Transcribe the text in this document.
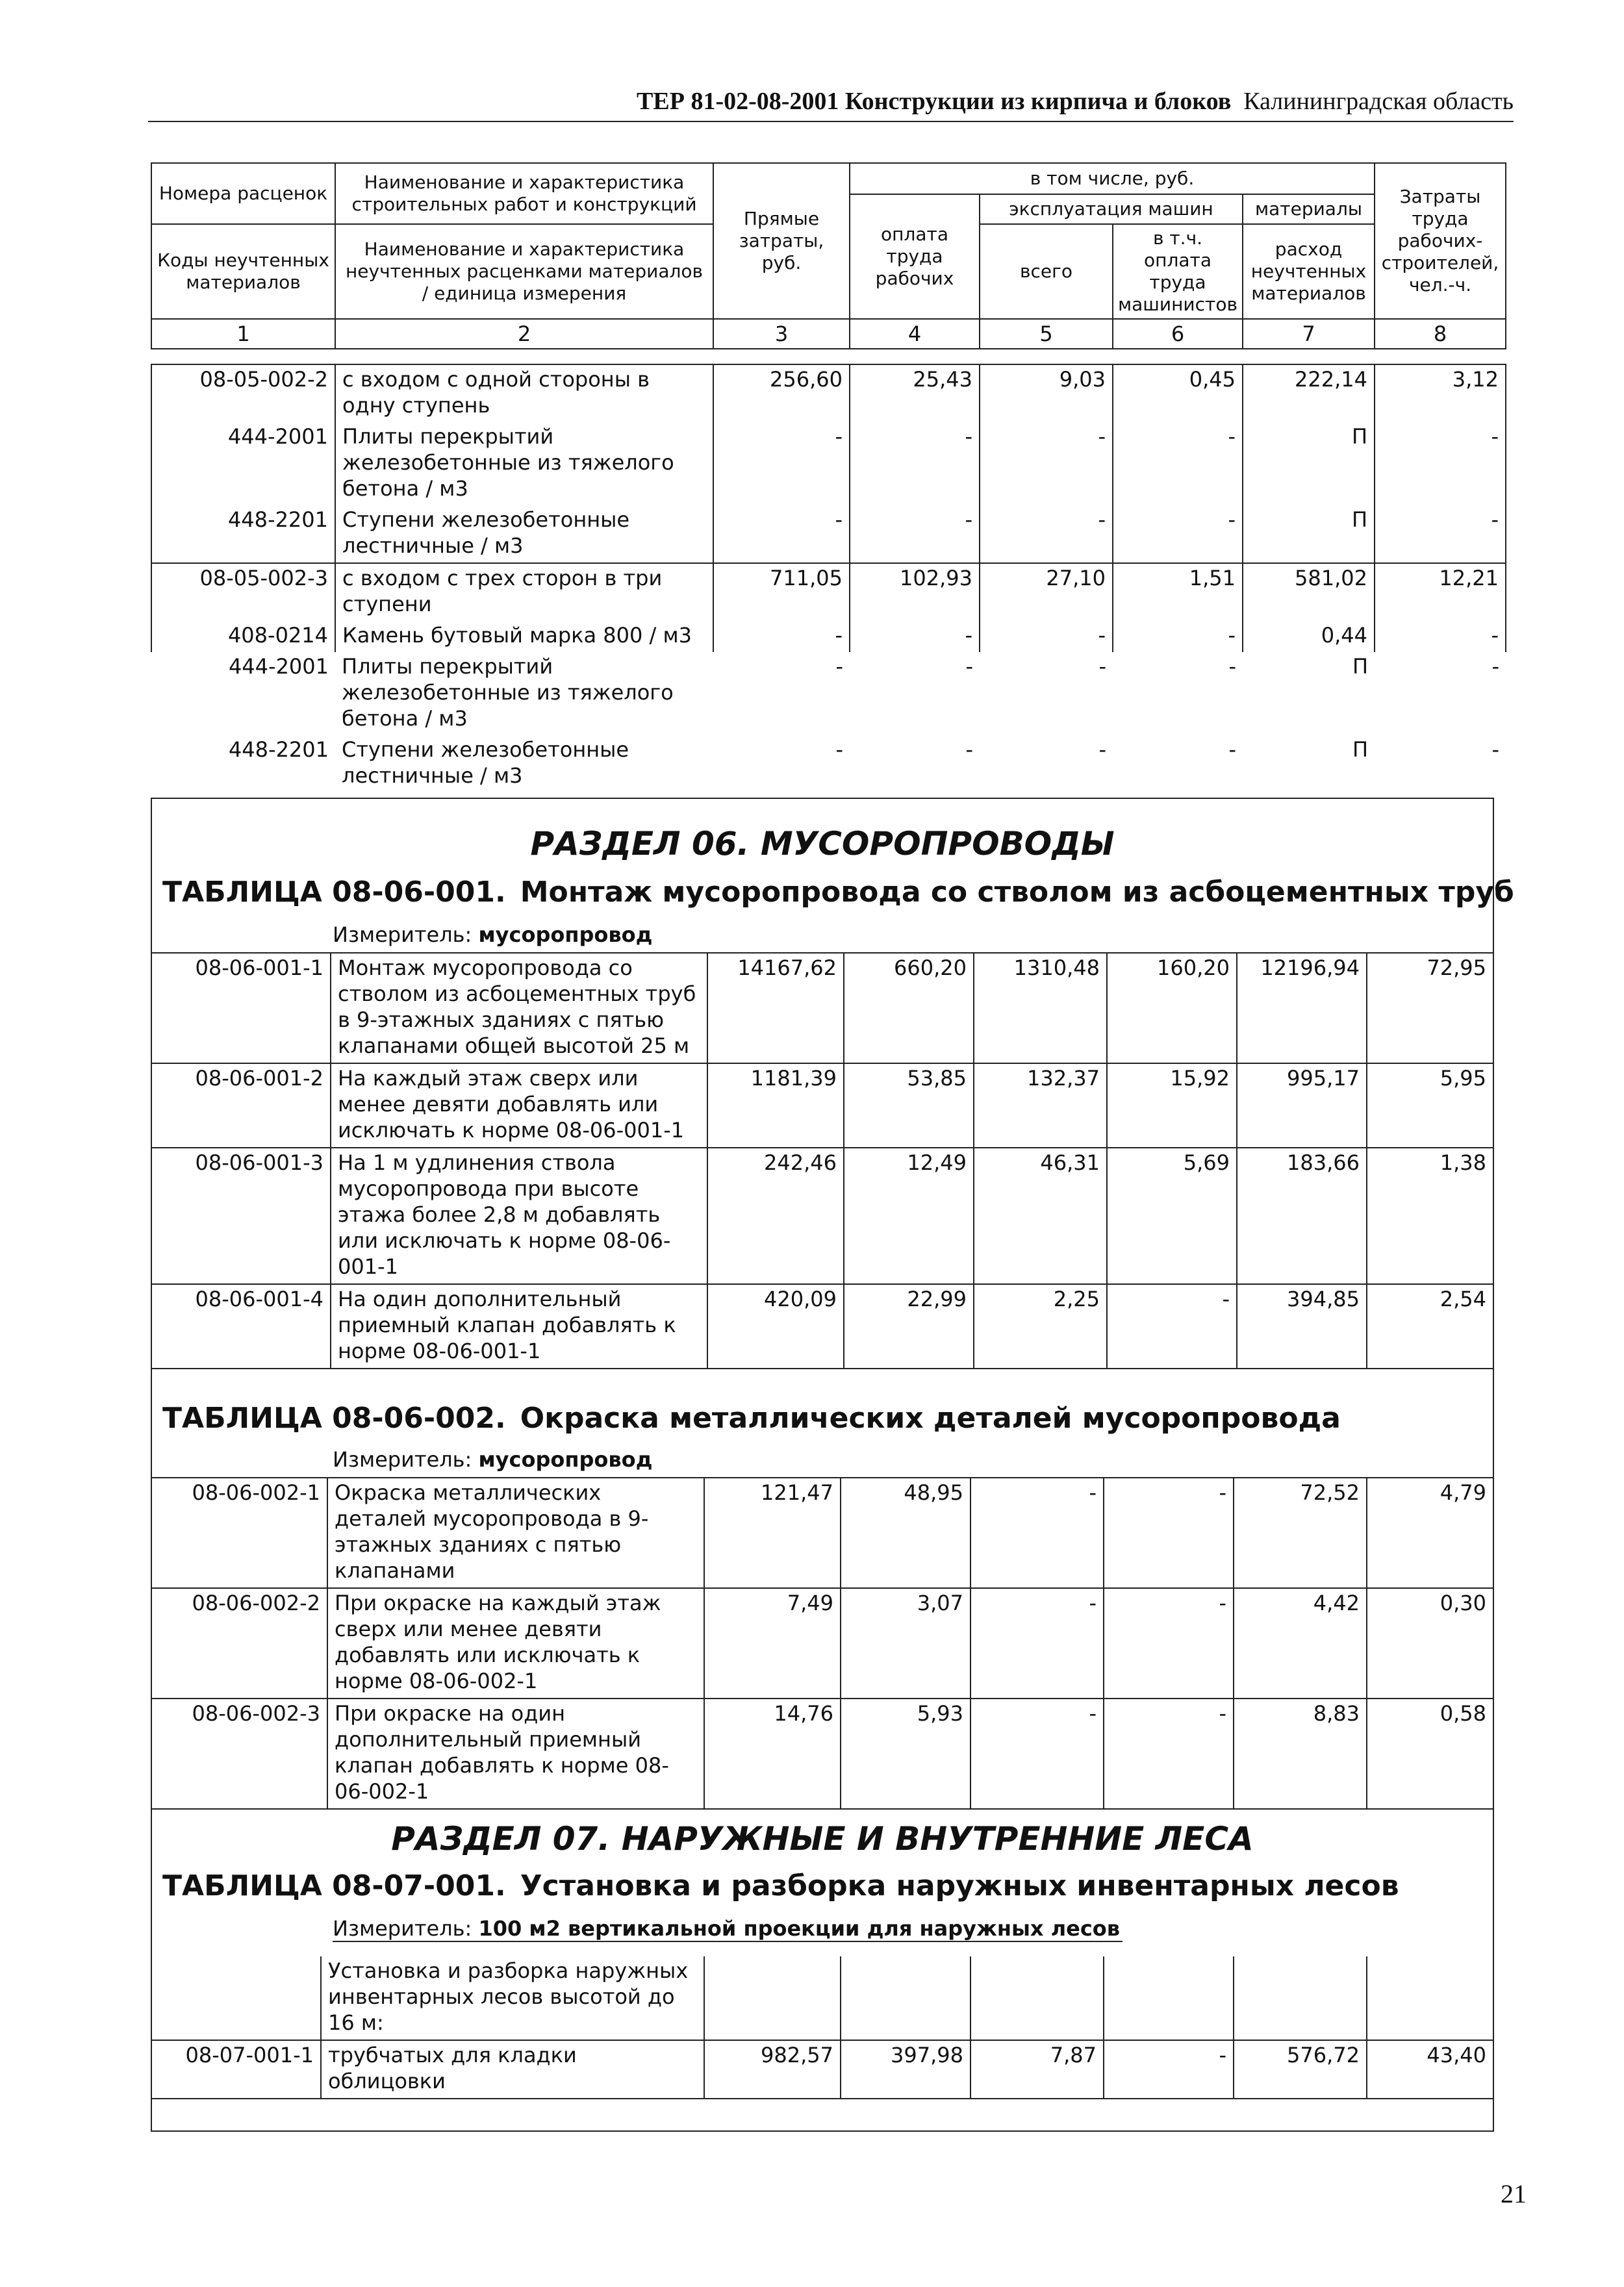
ТЕР 81-02-08-2001 Конструкции из кирпича и блоков Калининградская область
Номера расценок	Наименование и характеристика строительных работ и конструкций	Прямые затраты, руб.	в том числе, руб.				Затраты труда рабочих-строителей, чел.-ч.
			оплата труда рабочих	эксплуатация машин		материалы	
Коды неучтенных материалов	Наименование и характеристика неучтенных расценками материалов / единица измерения			всего	в т.ч. оплата труда машинистов	расход неучтенных материалов	

1	2	3	4	5	6	7	8
08-05-002-2	с входом с одной стороны в одну ступень	256,60	25,43	9,03	0,45	222,14	3,12
444-2001	Плиты перекрытий железобетонные из тяжелого бетона / м3	-	-	-	-	П	-
448-2201	Ступени железобетонные лестничные / м3	-	-	-	-	П	-
08-05-002-3	с входом с трех сторон в три ступени	711,05	102,93	27,10	1,51	581,02	12,21
408-0214	Камень бутовый марка 800 / м3	-	-	-	-	0,44	-
444-2001	Плиты перекрытий железобетонные из тяжелого бетона / м3	-	-	-	-	П	-
448-2201	Ступени железобетонные лестничные / м3	-	-	-	-	П	-
РАЗДЕЛ 06. МУСОРОПРОВОДЫ
ТАБЛИЦА 08-06-001. Монтаж мусоропровода со стволом из асбоцементных труб
Измеритель: мусоропровод
08-06-001-1	Монтаж мусоропровода со стволом из асбоцементных труб в 9-этажных зданиях с пятью клапанами общей высотой 25 м	14167,62	660,20	1310,48	160,20	12196,94	72,95
08-06-001-2	На каждый этаж сверх или менее девяти добавлять или исключать к норме 08-06-001-1	1181,39	53,85	132,37	15,92	995,17	5,95
08-06-001-3	На 1 м удлинения ствола мусоропровода при высоте этажа более 2,8 м добавлять или исключать к норме 08-06-001-1	242,46	12,49	46,31	5,69	183,66	1,38
08-06-001-4	На один дополнительный приемный клапан добавлять к норме 08-06-001-1	420,09	22,99	2,25	-	394,85	2,54
ТАБЛИЦА 08-06-002. Окраска металлических деталей мусоропровода
Измеритель: мусоропровод
08-06-002-1	Окраска металлических деталей мусоропровода в 9-этажных зданиях с пятью клапанами	121,47	48,95	-	-	72,52	4,79
08-06-002-2	При окраске на каждый этаж сверх или менее девяти добавлять или исключать к норме 08-06-002-1	7,49	3,07	-	-	4,42	0,30
08-06-002-3	При окраске на один дополнительный приемный клапан добавлять к норме 08-06-002-1	14,76	5,93	-	-	8,83	0,58
РАЗДЕЛ 07. НАРУЖНЫЕ И ВНУТРЕННИЕ ЛЕСА
ТАБЛИЦА 08-07-001. Установка и разборка наружных инвентарных лесов
Измеритель: 100 м2 вертикальной проекции для наружных лесов
	Установка и разборка наружных инвентарных лесов высотой до 16 м:						
08-07-001-1	трубчатых для кладки облицовки	982,57	397,98	7,87	-	576,72	43,40
21
